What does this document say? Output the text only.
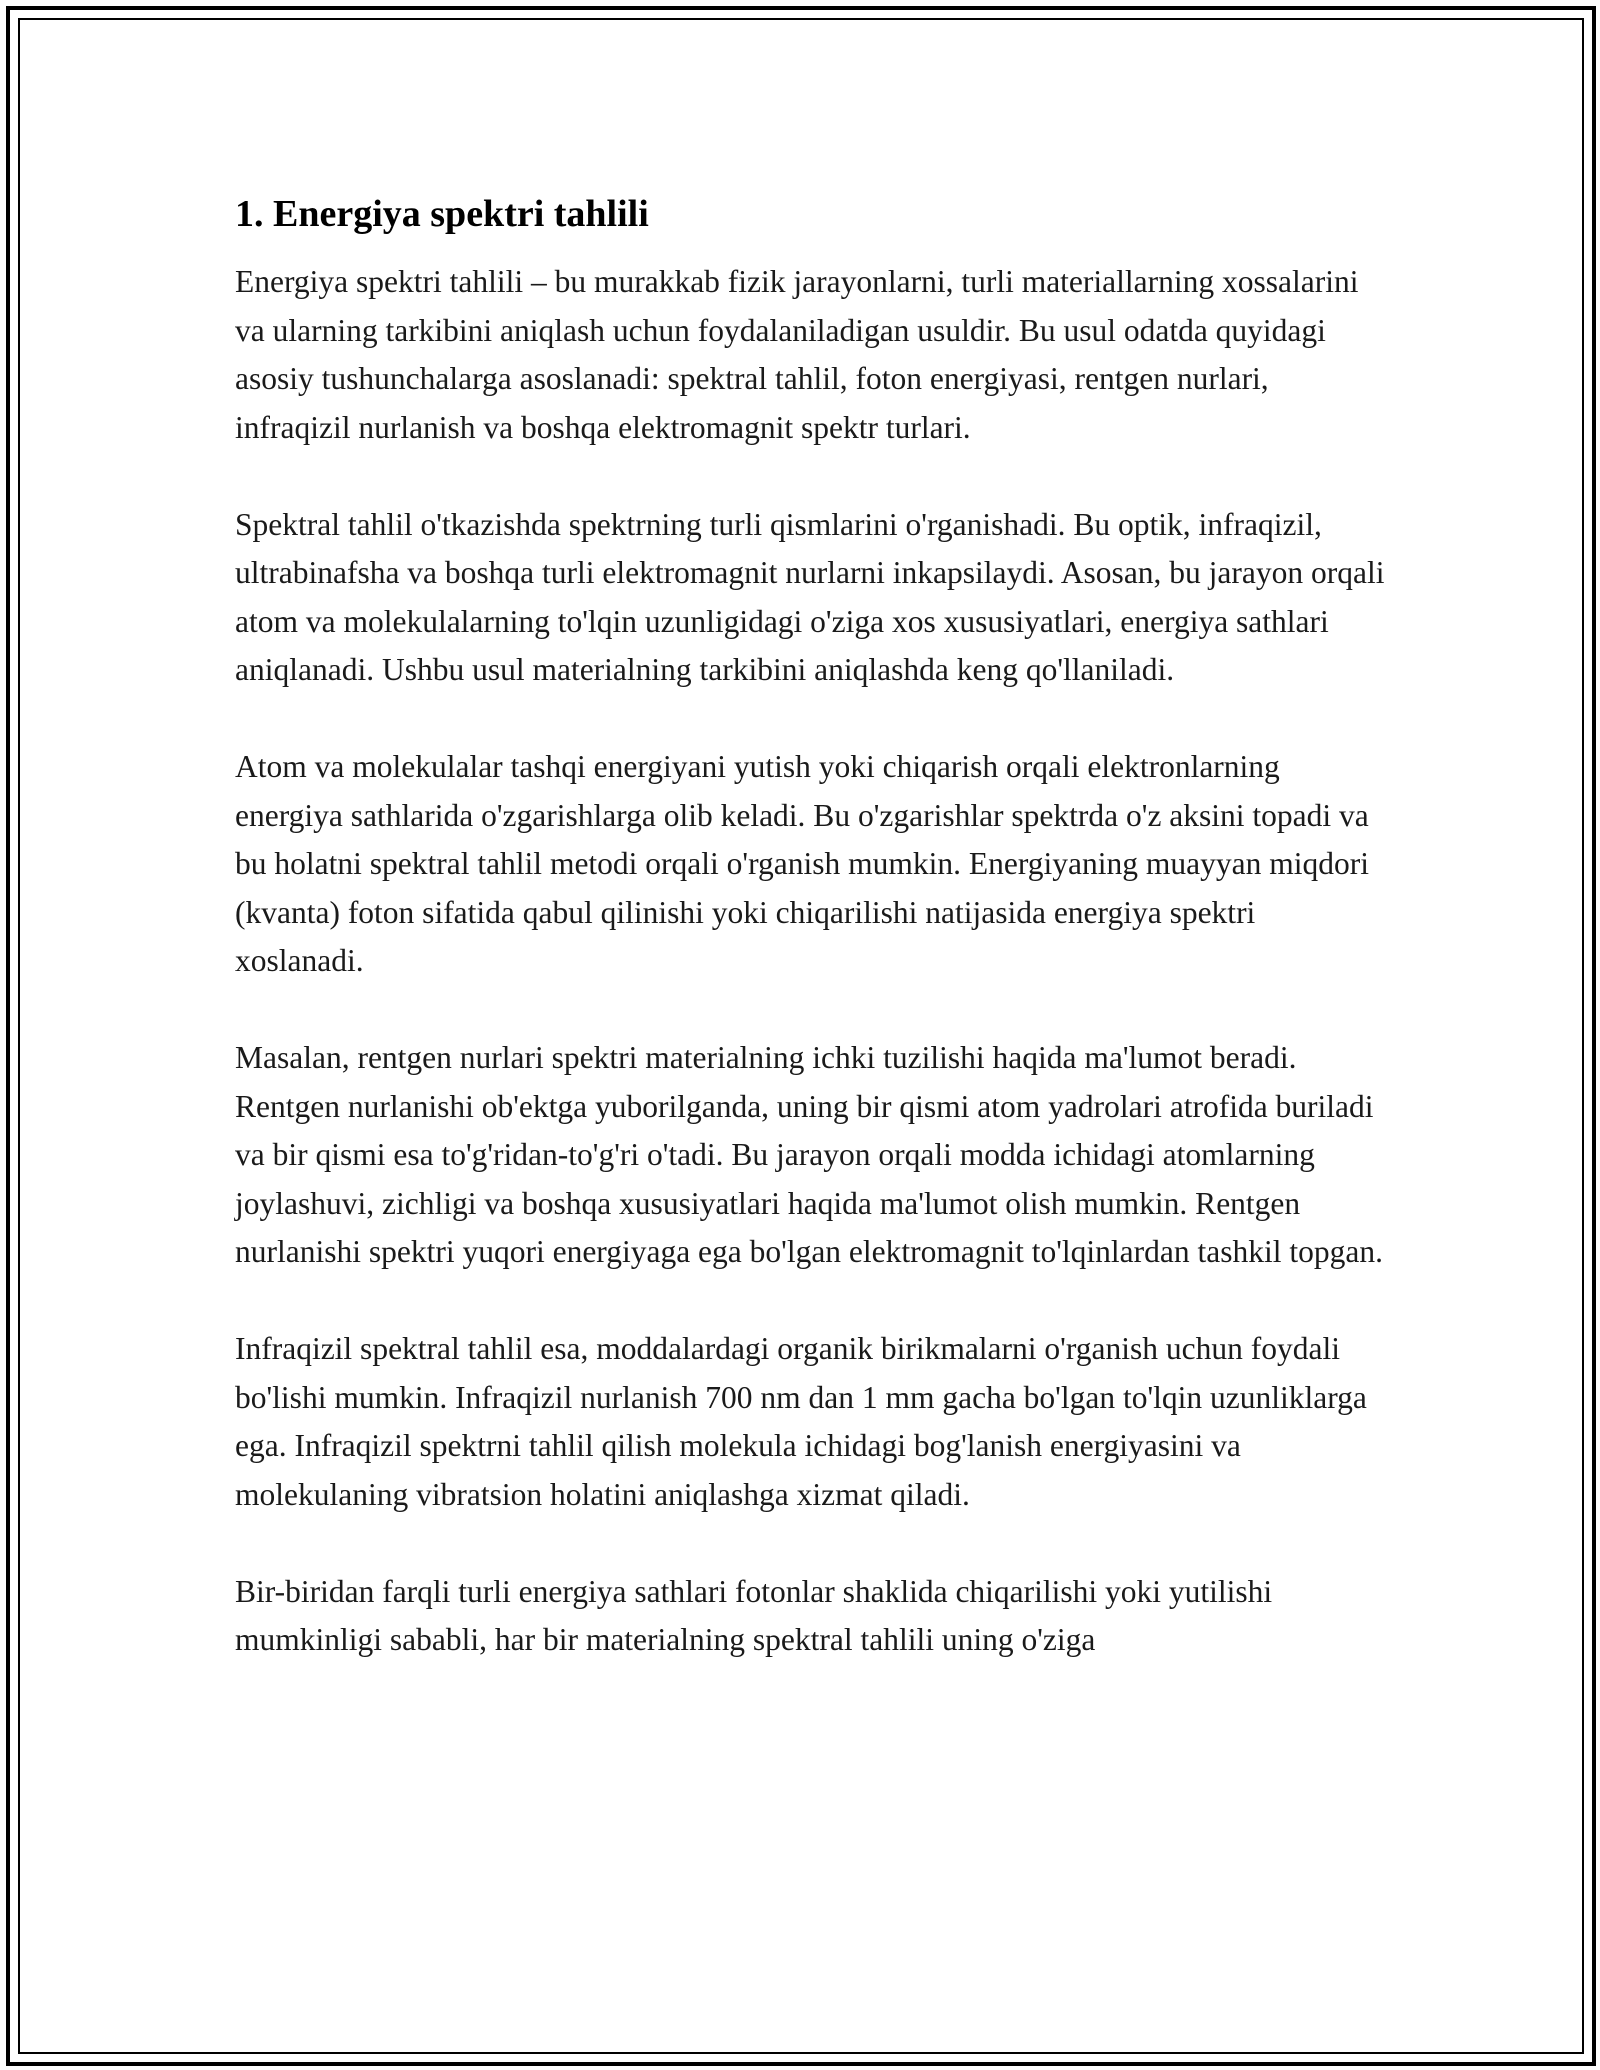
1. Energiya spektri tahlili

Energiya spektri tahlili – bu murakkab fizik jarayonlarni, turli materiallarning xossalarini va ularning tarkibini aniqlash uchun foydalaniladigan usuldir. Bu usul odatda quyidagi asosiy tushunchalarga asoslanadi: spektral tahlil, foton energiyasi, rentgen nurlari, infraqizil nurlanish va boshqa elektromagnit spektr turlari.

Spektral tahlil o'tkazishda spektrning turli qismlarini o'rganishadi. Bu optik, infraqizil, ultrabinafsha va boshqa turli elektromagnit nurlarni inkapsilaydi. Asosan, bu jarayon orqali atom va molekulalarning to'lqin uzunligidagi o'ziga xos xususiyatlari, energiya sathlari aniqlanadi. Ushbu usul materialning tarkibini aniqlashda keng qo'llaniladi.

Atom va molekulalar tashqi energiyani yutish yoki chiqarish orqali elektronlarning energiya sathlarida o'zgarishlarga olib keladi. Bu o'zgarishlar spektrda o'z aksini topadi va bu holatni spektral tahlil metodi orqali o'rganish mumkin. Energiyaning muayyan miqdori (kvanta) foton sifatida qabul qilinishi yoki chiqarilishi natijasida energiya spektri xoslanadi.

Masalan, rentgen nurlari spektri materialning ichki tuzilishi haqida ma'lumot beradi. Rentgen nurlanishi ob'ektga yuborilganda, uning bir qismi atom yadrolari atrofida buriladi va bir qismi esa to'g'ridan-to'g'ri o'tadi. Bu jarayon orqali modda ichidagi atomlarning joylashuvi, zichligi va boshqa xususiyatlari haqida ma'lumot olish mumkin. Rentgen nurlanishi spektri yuqori energiyaga ega bo'lgan elektromagnit to'lqinlardan tashkil topgan.

Infraqizil spektral tahlil esa, moddalardagi organik birikmalarni o'rganish uchun foydali bo'lishi mumkin. Infraqizil nurlanish 700 nm dan 1 mm gacha bo'lgan to'lqin uzunliklarga ega. Infraqizil spektrni tahlil qilish molekula ichidagi bog'lanish energiyasini va molekulaning vibratsion holatini aniqlashga xizmat qiladi.

Bir-biridan farqli turli energiya sathlari fotonlar shaklida chiqarilishi yoki yutilishi mumkinligi sababli, har bir materialning spektral tahlili uning o'ziga
